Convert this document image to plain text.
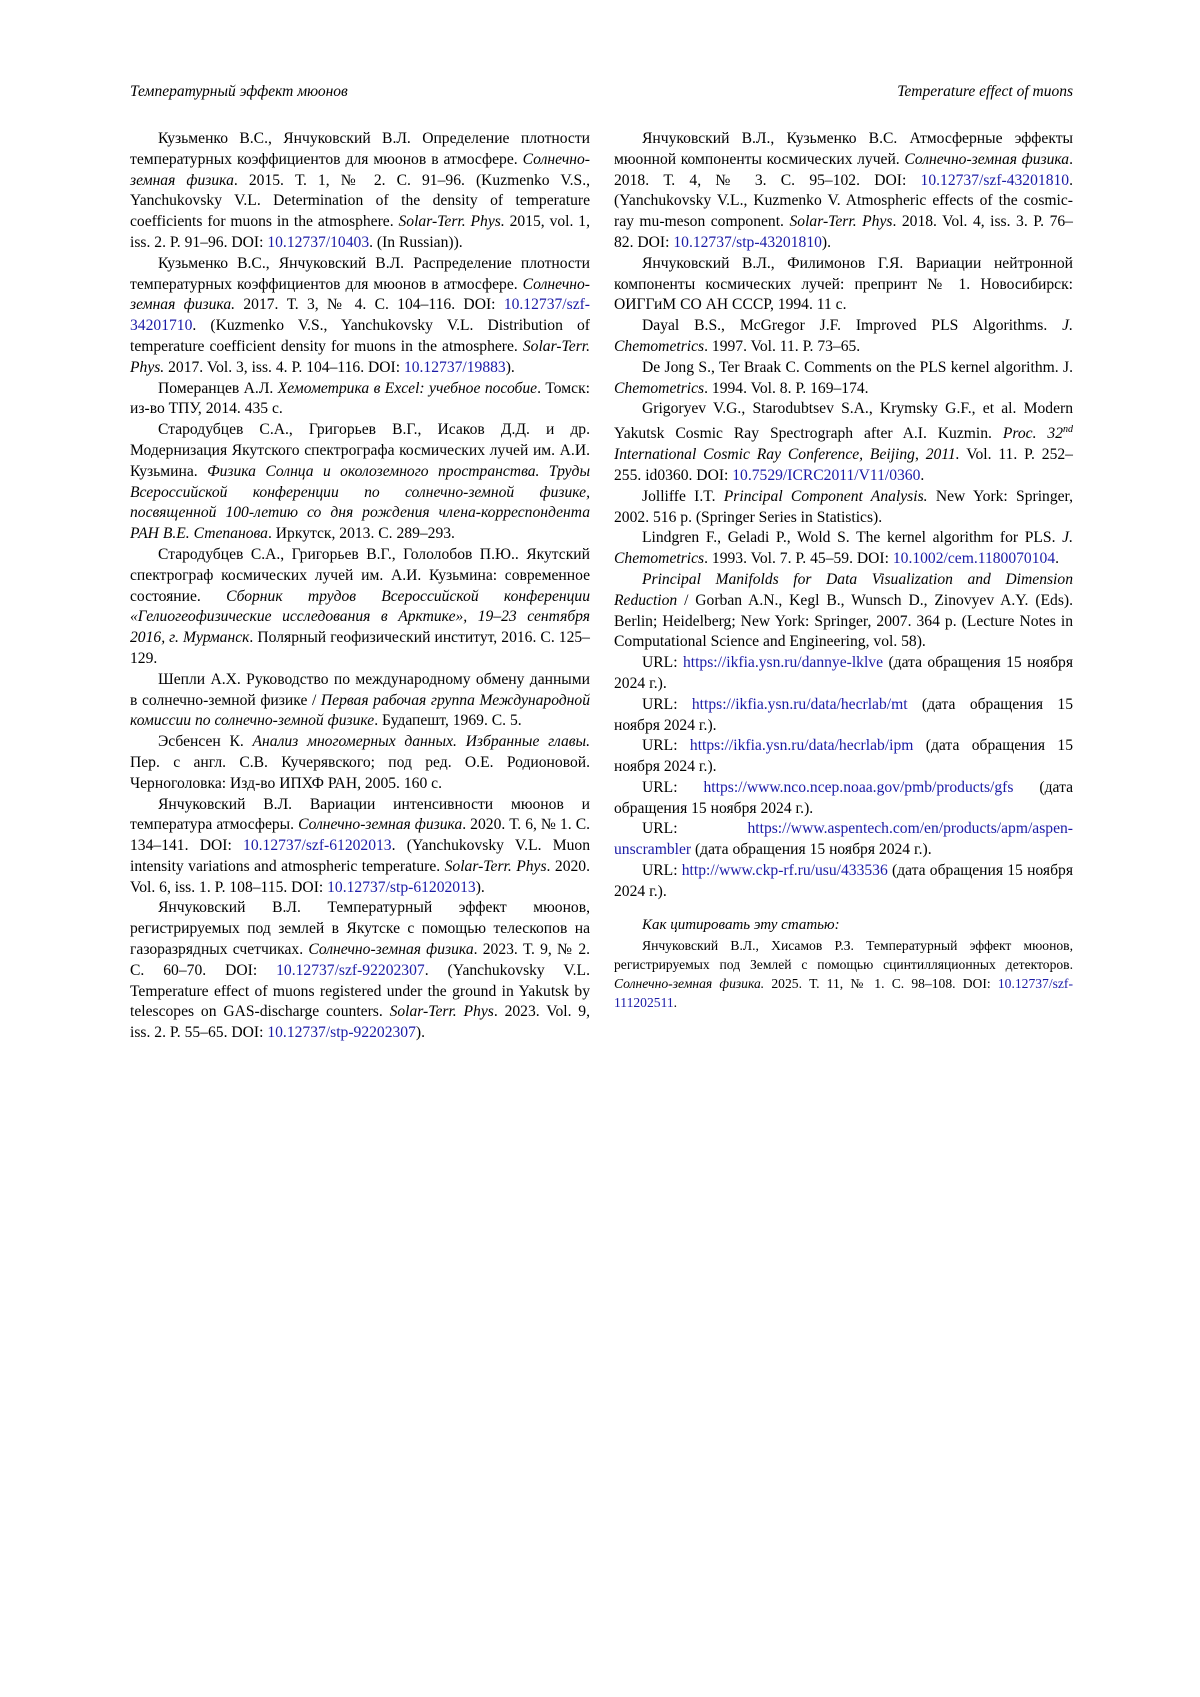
Температурный эффект мюонов	Temperature effect of muons
Кузьменко В.С., Янчуковский В.Л. Определение плотности температурных коэффициентов для мюонов в атмосфере. Солнечно-земная физика. 2015. Т. 1, № 2. С. 91–96. (Kuzmenko V.S., Yanchukovsky V.L. Determination of the density of temperature coefficients for muons in the atmosphere. Solar-Terr. Phys. 2015, vol. 1, iss. 2. P. 91–96. DOI: 10.12737/10403. (In Russian)).
Кузьменко В.С., Янчуковский В.Л. Распределение плотности температурных коэффициентов для мюонов в атмосфере. Солнечно-земная физика. 2017. Т. 3, № 4. С. 104–116. DOI: 10.12737/szf-34201710. (Kuzmenko V.S., Yanchukovsky V.L. Distribution of temperature coefficient density for muons in the atmosphere. Solar-Terr. Phys. 2017. Vol. 3, iss. 4. P. 104–116. DOI: 10.12737/19883).
Померанцев А.Л. Хемометрика в Excel: учебное пособие. Томск: из-во ТПУ, 2014. 435 с.
Стародубцев С.А., Григорьев В.Г., Исаков Д.Д. и др. Модернизация Якутского спектрографа космических лучей им. А.И. Кузьмина. Физика Солнца и околоземного пространства. Труды Всероссийской конференции по солнечно-земной физике, посвященной 100-летию со дня рождения члена-корреспондента РАН В.Е. Степанова. Иркутск, 2013. С. 289–293.
Стародубцев С.А., Григорьев В.Г., Гололобов П.Ю.. Якутский спектрограф космических лучей им. А.И. Кузьмина: современное состояние. Сборник трудов Всероссийской конференции «Гелиогеофизические исследования в Арктике», 19–23 сентября 2016, г. Мурманск. Полярный геофизический институт, 2016. С. 125–129.
Шепли А.Х. Руководство по международному обмену данными в солнечно-земной физике / Первая рабочая группа Международной комиссии по солнечно-земной физике. Будапешт, 1969. С. 5.
Эсбенсен К. Анализ многомерных данных. Избранные главы. Пер. с англ. С.В. Кучерявского; под ред. О.Е. Родионовой. Черноголовка: Изд-во ИПХФ РАН, 2005. 160 с.
Янчуковский В.Л. Вариации интенсивности мюонов и температура атмосферы. Солнечно-земная физика. 2020. Т. 6, № 1. С. 134–141. DOI: 10.12737/szf-61202013. (Yanchukovsky V.L. Muon intensity variations and atmospheric temperature. Solar-Terr. Phys. 2020. Vol. 6, iss. 1. P. 108–115. DOI: 10.12737/stp-61202013).
Янчуковский В.Л. Температурный эффект мюонов, регистрируемых под землей в Якутске с помощью телескопов на газоразрядных счетчиках. Солнечно-земная физика. 2023. Т. 9, № 2. С. 60–70. DOI: 10.12737/szf-92202307. (Yanchukovsky V.L. Temperature effect of muons registered under the ground in Yakutsk by telescopes on GAS-discharge counters. Solar-Terr. Phys. 2023. Vol. 9, iss. 2. P. 55–65. DOI: 10.12737/stp-92202307).
Янчуковский В.Л., Кузьменко В.С. Атмосферные эффекты мюонной компоненты космических лучей. Солнечно-земная физика. 2018. Т. 4, № 3. С. 95–102. DOI: 10.12737/szf-43201810. (Yanchukovsky V.L., Kuzmenko V. Atmospheric effects of the cosmic-ray mu-meson component. Solar-Terr. Phys. 2018. Vol. 4, iss. 3. P. 76–82. DOI: 10.12737/stp-43201810).
Янчуковский В.Л., Филимонов Г.Я. Вариации нейтронной компоненты космических лучей: препринт № 1. Новосибирск: ОИГГиМ СО АН СССР, 1994. 11 с.
Dayal B.S., McGregor J.F. Improved PLS Algorithms. J. Chemometrics. 1997. Vol. 11. P. 73–65.
De Jong S., Ter Braak C. Comments on the PLS kernel algorithm. J. Chemometrics. 1994. Vol. 8. P. 169–174.
Grigoryev V.G., Starodubtsev S.A., Krymsky G.F., et al. Modern Yakutsk Cosmic Ray Spectrograph after A.I. Kuzmin. Proc. 32nd International Cosmic Ray Conference, Beijing, 2011. Vol. 11. P. 252–255. id0360. DOI: 10.7529/ICRC2011/V11/0360.
Jolliffe I.T. Principal Component Analysis. New York: Springer, 2002. 516 p. (Springer Series in Statistics).
Lindgren F., Geladi P., Wold S. The kernel algorithm for PLS. J. Chemometrics. 1993. Vol. 7. P. 45–59. DOI: 10.1002/cem.1180070104.
Principal Manifolds for Data Visualization and Dimension Reduction / Gorban A.N., Kegl B., Wunsch D., Zinovyev A.Y. (Eds). Berlin; Heidelberg; New York: Springer, 2007. 364 p. (Lecture Notes in Computational Science and Engineering, vol. 58).
URL: https://ikfia.ysn.ru/dannye-lklve (дата обращения 15 ноября 2024 г.).
URL: https://ikfia.ysn.ru/data/hecrlab/mt (дата обращения 15 ноября 2024 г.).
URL: https://ikfia.ysn.ru/data/hecrlab/ipm (дата обращения 15 ноября 2024 г.).
URL: https://www.nco.ncep.noaa.gov/pmb/products/gfs (дата обращения 15 ноября 2024 г.).
URL: https://www.aspentech.com/en/products/apm/aspen-unscrambler (дата обращения 15 ноября 2024 г.).
URL: http://www.ckp-rf.ru/usu/433536 (дата обращения 15 ноября 2024 г.).
Как цитировать эту статью:
Янчуковский В.Л., Хисамов Р.З. Температурный эффект мюонов, регистрируемых под Землей с помощью сцинтилляционных детекторов. Солнечно-земная физика. 2025. Т. 11, № 1. С. 98–108. DOI: 10.12737/szf-111202511.
